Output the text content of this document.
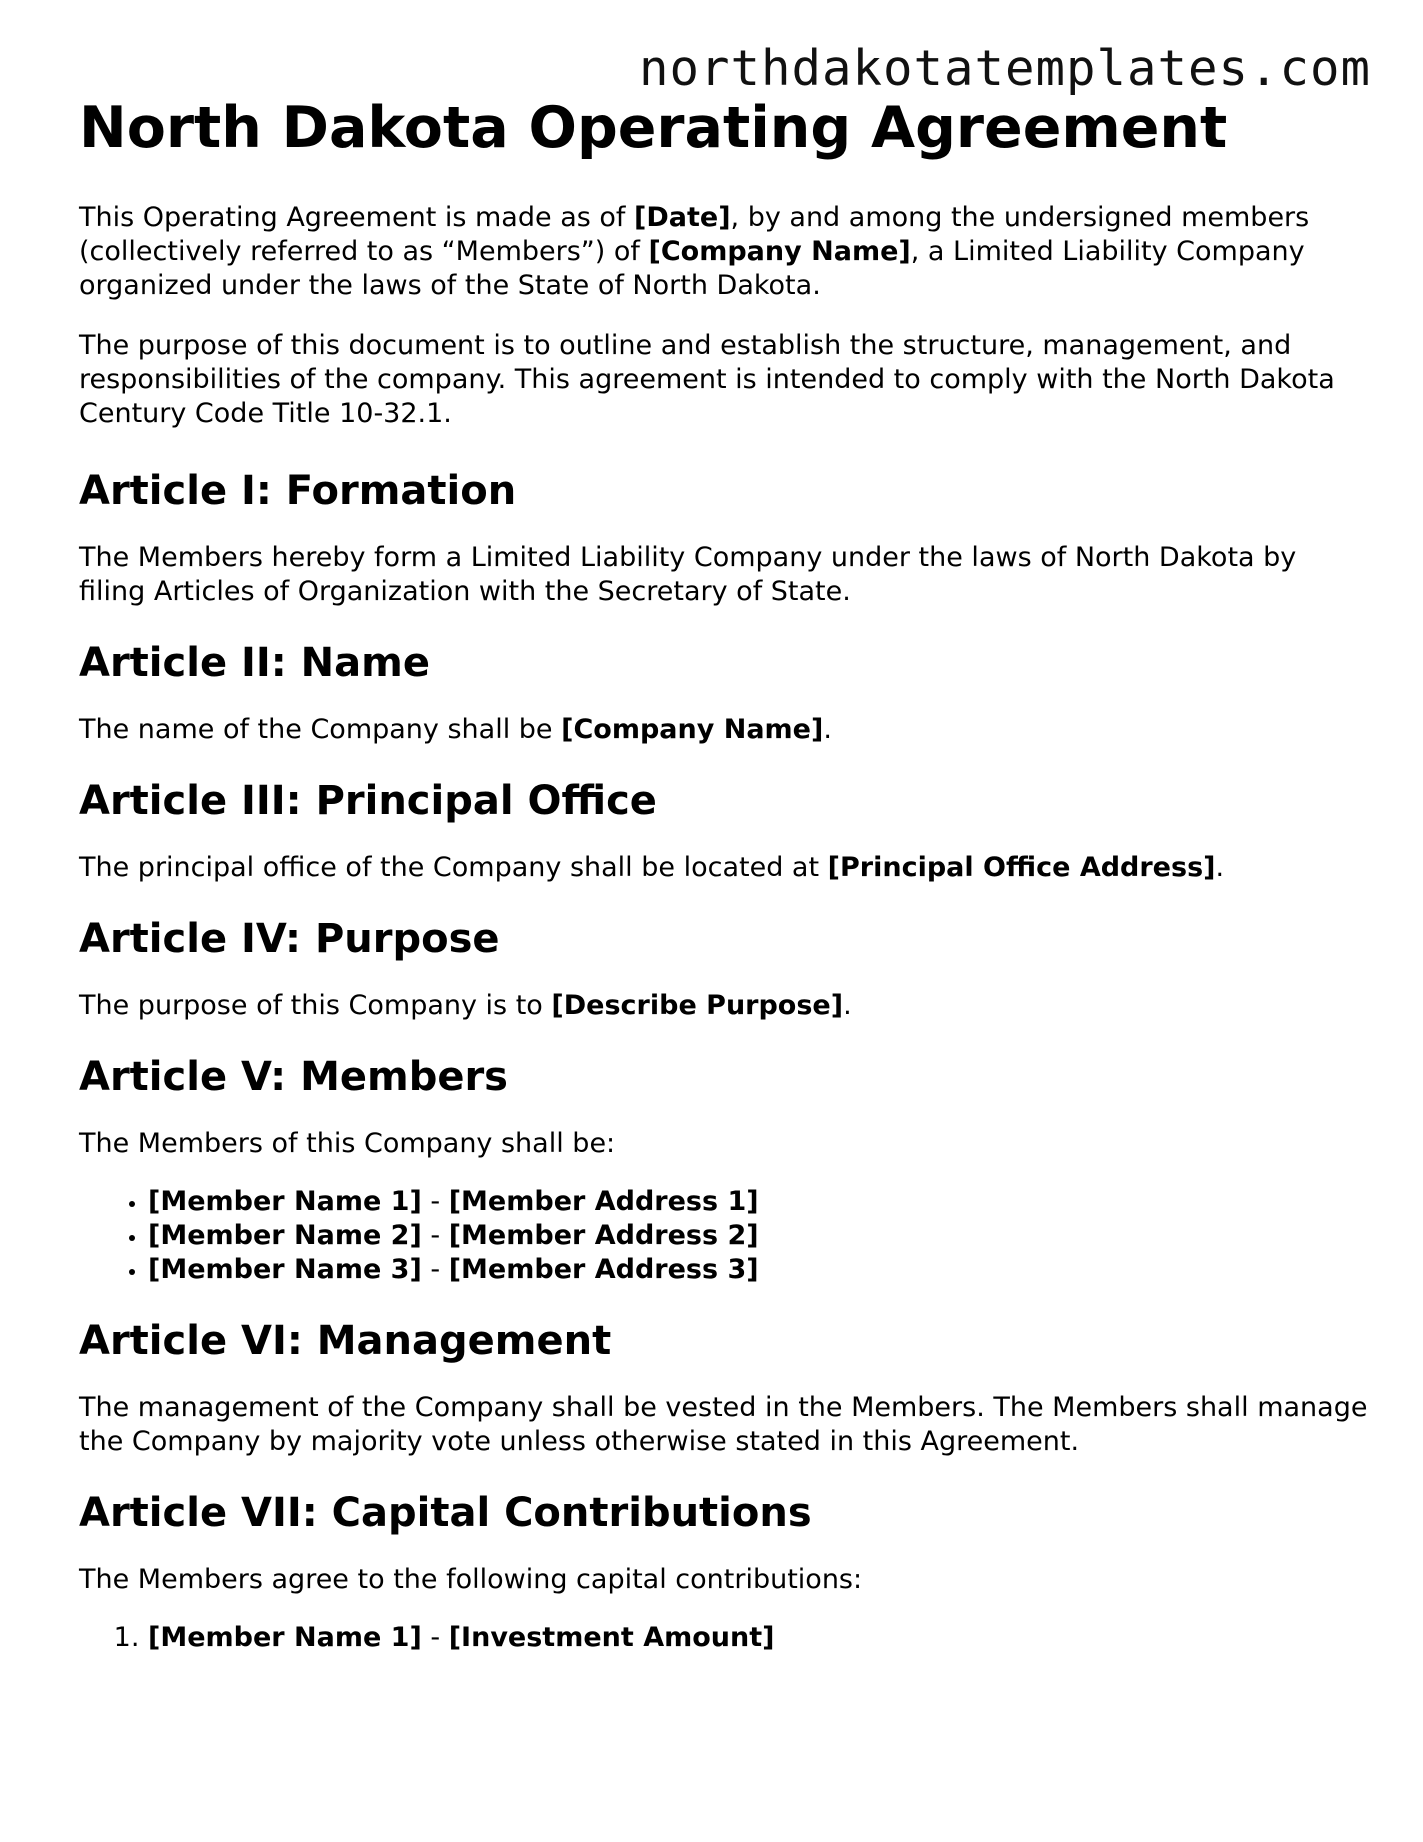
northdakotatemplates.com
North Dakota Operating Agreement

This Operating Agreement is made as of [Date], by and among the undersigned members (collectively referred to as “Members”) of [Company Name], a Limited Liability Company organized under the laws of the State of North Dakota.

The purpose of this document is to outline and establish the structure, management, and responsibilities of the company. This agreement is intended to comply with the North Dakota Century Code Title 10-32.1.

Article I: Formation

The Members hereby form a Limited Liability Company under the laws of North Dakota by filing Articles of Organization with the Secretary of State.

Article II: Name

The name of the Company shall be [Company Name].

Article III: Principal Office

The principal office of the Company shall be located at [Principal Office Address].

Article IV: Purpose

The purpose of this Company is to [Describe Purpose].

Article V: Members

The Members of this Company shall be:

• [Member Name 1] - [Member Address 1]
• [Member Name 2] - [Member Address 2]
• [Member Name 3] - [Member Address 3]
Article VI: Management

The management of the Company shall be vested in the Members. The Members shall manage the Company by majority vote unless otherwise stated in this Agreement.

Article VII: Capital Contributions

The Members agree to the following capital contributions:

1. [Member Name 1] - [Investment Amount]
